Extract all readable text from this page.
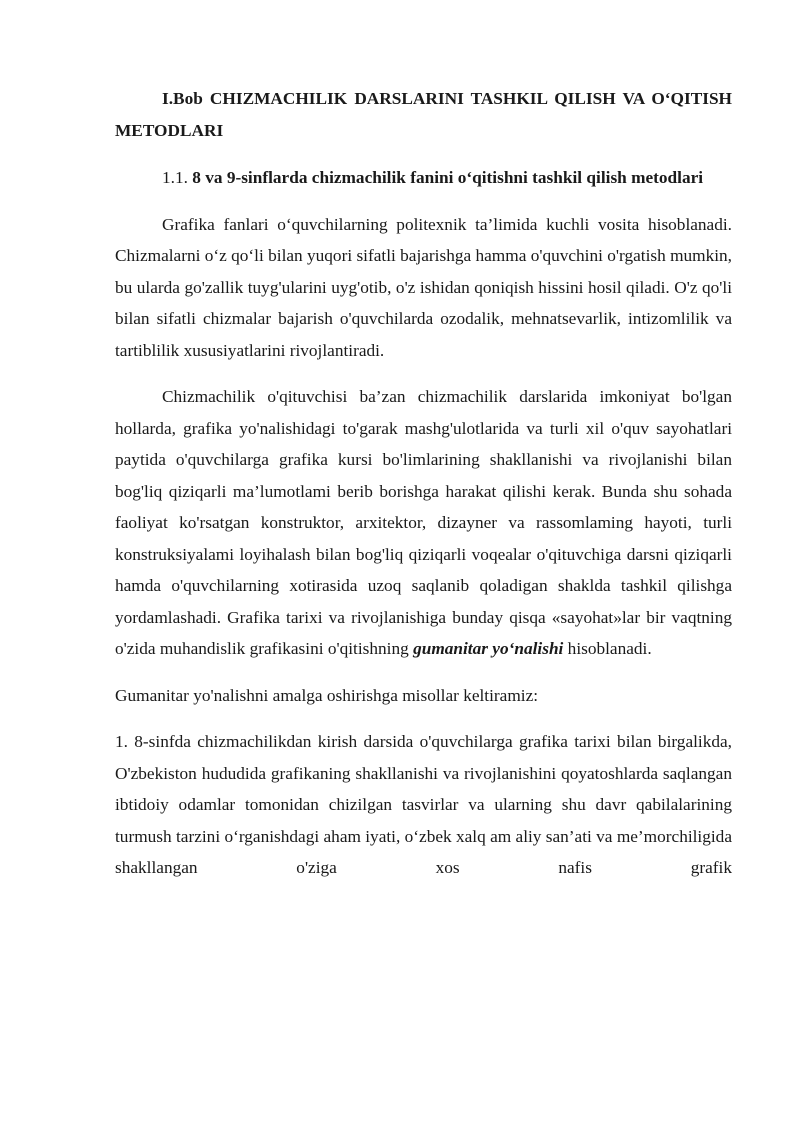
I.Bob CHIZMACHILIK DARSLARINI TASHKIL QILISH VA O‘QITISH METODLARI

1.1. 8 va 9-sinflarda chizmachilik fanini o‘qitishni tashkil qilish metodlari

Grafika fanlari o‘quvchilarning politexnik ta’limida kuchli vosita hisoblanadi. Chizmalarni o‘z qo‘li bilan yuqori sifatli bajarishga hamma o'quvchini o'rgatish mumkin, bu ularda go'zallik tuyg'ularini uyg'otib, o'z ishidan qoniqish hissini hosil qiladi. O'z qo'li bilan sifatli chizmalar bajarish o'quvchilarda ozodalik, mehnatsevarlik, intizomlilik va tartiblilik xususiyatlarini rivojlantiradi.

Chizmachilik o'qituvchisi ba’zan chizmachilik darslarida imkoniyat bo'lgan hollarda, grafika yo'nalishidagi to'garak mashg'ulotlarida va turli xil o'quv sayohatlari paytida o'quvchilarga grafika kursi bo'limlarining shakllanishi va rivojlanishi bilan bog'liq qiziqarli ma’lumotlami berib borishga harakat qilishi kerak. Bunda shu sohada faoliyat ko'rsatgan konstruktor, arxitektor, dizayner va rassomlaming hayoti, turli konstruksiyalami loyihalash bilan bog'liq qiziqarli voqealar o'qituvchiga darsni qiziqarli hamda o'quvchilarning xotirasida uzoq saqlanib qoladigan shaklda tashkil qilishga yordamlashadi. Grafika tarixi va rivojlanishiga bunday qisqa «sayohat»lar bir vaqtning o'zida muhandislik grafikasini o'qitishning gumanitar yo‘nalishi hisoblanadi.

Gumanitar yo'nalishni amalga oshirishga misollar keltiramiz:

1. 8-sinfda chizmachilikdan kirish darsida o'quvchilarga grafika tarixi bilan birgalikda, O'zbekiston hududida grafikaning shakllanishi va rivojlanishini qoyatoshlarda saqlangan ibtidoiy odamlar tomonidan chizilgan tasvirlar va ularning shu davr qabilalarining turmush tarzini o‘rganishdagi aham iyati, o‘zbek xalq am aliy san’ati va me’morchiligida shakllangan o'ziga xos nafis grafik
